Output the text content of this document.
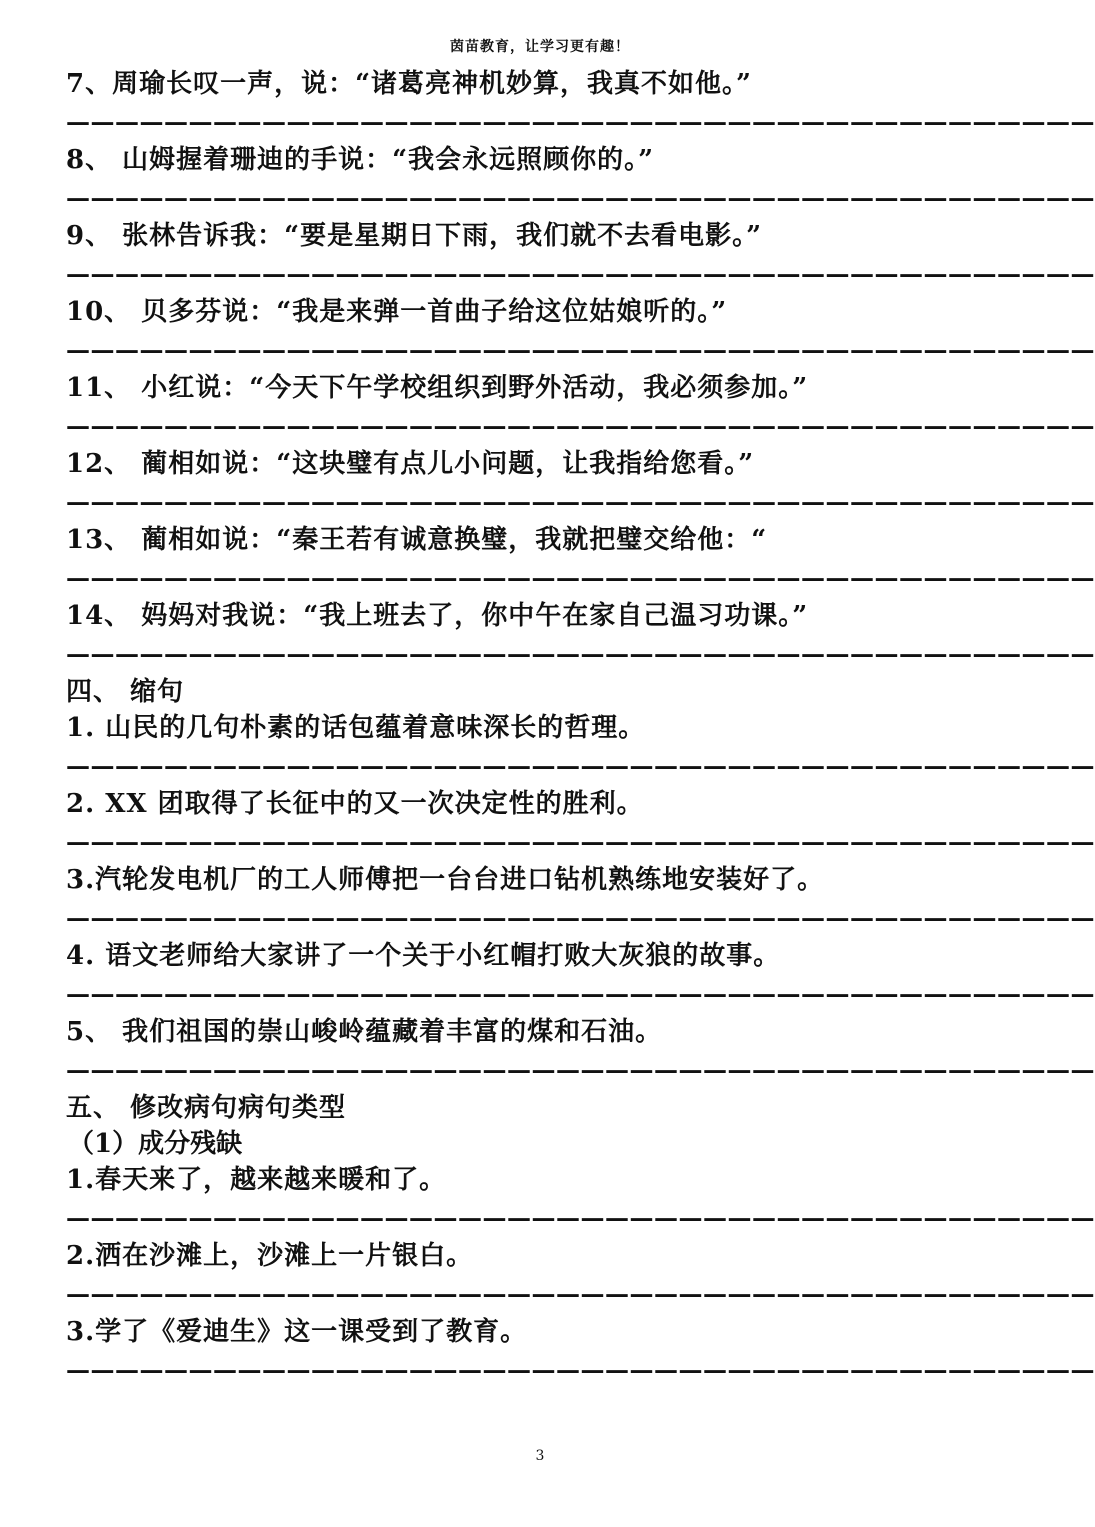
茵苗教育，让学习更有趣！
7、周瑜长叹一声，说：“诸葛亮神机妙算，我真不如他。”
——————————————————————————————————————————
8、 山姆握着珊迪的手说：“我会永远照顾你的。”
——————————————————————————————————————————
9、 张林告诉我：“要是星期日下雨，我们就不去看电影。”
——————————————————————————————————————————
10、 贝多芬说：“我是来弹一首曲子给这位姑娘听的。”
——————————————————————————————————————————
11、 小红说：“今天下午学校组织到野外活动，我必须参加。”
——————————————————————————————————————————
12、 蔺相如说：“这块璧有点儿小问题，让我指给您看。”
——————————————————————————————————————————
13、 蔺相如说：“秦王若有诚意换璧，我就把璧交给他：“
——————————————————————————————————————————
14、 妈妈对我说：“我上班去了，你中午在家自己温习功课。”
——————————————————————————————————————————
四、 缩句
1. 山民的几句朴素的话包蕴着意味深长的哲理。
——————————————————————————————————————————
2. XX 团取得了长征中的又一次决定性的胜利。
——————————————————————————————————————————
3.汽轮发电机厂的工人师傅把一台台进口钻机熟练地安装好了。
——————————————————————————————————————————
4. 语文老师给大家讲了一个关于小红帽打败大灰狼的故事。
——————————————————————————————————————————
5、 我们祖国的崇山峻岭蕴藏着丰富的煤和石油。
——————————————————————————————————————————
五、 修改病句病句类型
（1）成分残缺
1.春天来了，越来越来暖和了。
——————————————————————————————————————————
2.洒在沙滩上，沙滩上一片银白。
——————————————————————————————————————————
3.学了《爱迪生》这一课受到了教育。
——————————————————————————————————————————
3
